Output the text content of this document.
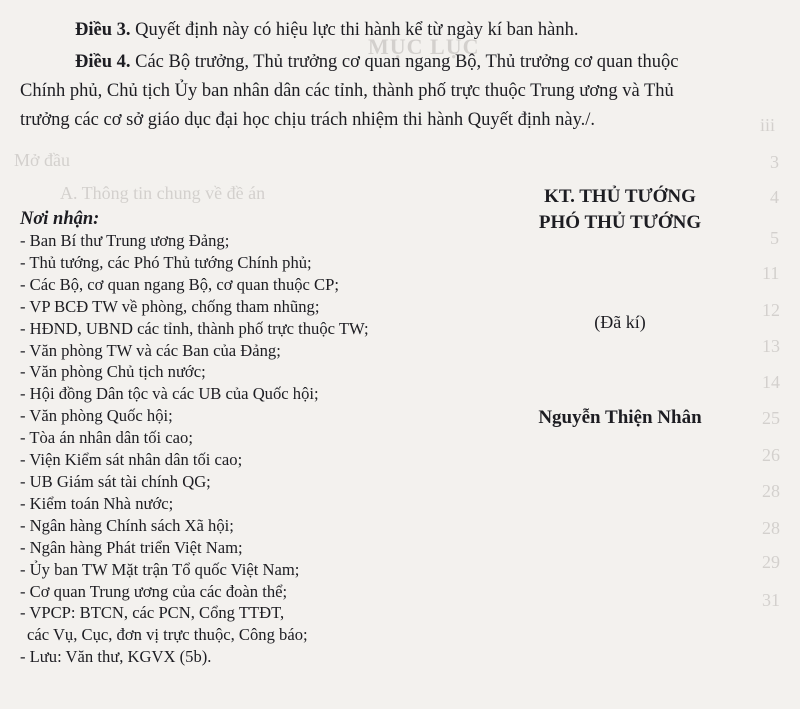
MỤC LỤC
Mở đầu
A. Thông tin chung về đề án
iii
3
4
5
11
12
13
14
25
26
28
28
29
31
Điều 3. Quyết định này có hiệu lực thi hành kể từ ngày kí ban hành.
Điều 4. Các Bộ trưởng, Thủ trưởng cơ quan ngang Bộ, Thủ trưởng cơ quan thuộc
Chính phủ, Chủ tịch Ủy ban nhân dân các tỉnh, thành phố trực thuộc Trung ương và Thủ
trưởng các cơ sở giáo dục đại học chịu trách nhiệm thi hành Quyết định này./.
Nơi nhận:
- Ban Bí thư Trung ương Đảng;
- Thủ tướng, các Phó Thủ tướng Chính phủ;
- Các Bộ, cơ quan ngang Bộ, cơ quan thuộc CP;
- VP BCĐ TW về phòng, chống tham nhũng;
- HĐND, UBND các tỉnh, thành phố trực thuộc TW;
- Văn phòng TW và các Ban của Đảng;
- Văn phòng Chủ tịch nước;
- Hội đồng Dân tộc và các UB của Quốc hội;
- Văn phòng Quốc hội;
- Tòa án nhân dân tối cao;
- Viện Kiểm sát nhân dân tối cao;
- UB Giám sát tài chính QG;
- Kiểm toán Nhà nước;
- Ngân hàng Chính sách Xã hội;
- Ngân hàng Phát triển Việt Nam;
- Ủy ban TW Mặt trận Tổ quốc Việt Nam;
- Cơ quan Trung ương của các đoàn thể;
- VPCP: BTCN, các PCN, Cổng TTĐT,
các Vụ, Cục, đơn vị trực thuộc, Công báo;
- Lưu: Văn thư, KGVX (5b).
KT. THỦ TƯỚNG
PHÓ THỦ TƯỚNG
(Đã kí)
Nguyễn Thiện Nhân
